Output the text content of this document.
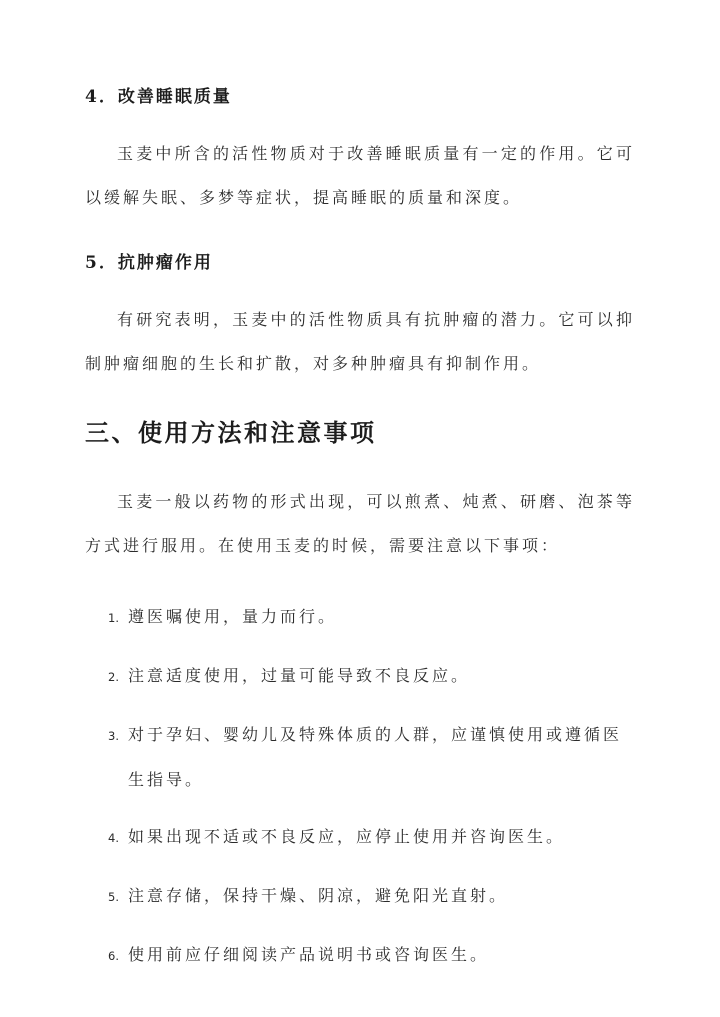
4．改善睡眠质量

玉麦中所含的活性物质对于改善睡眠质量有一定的作用。它可以缓解失眠、多梦等症状，提高睡眠的质量和深度。

5．抗肿瘤作用

有研究表明，玉麦中的活性物质具有抗肿瘤的潜力。它可以抑制肿瘤细胞的生长和扩散，对多种肿瘤具有抑制作用。

三、使用方法和注意事项

玉麦一般以药物的形式出现，可以煎煮、炖煮、研磨、泡茶等方式进行服用。在使用玉麦的时候，需要注意以下事项：

1. 遵医嘱使用，量力而行。
2. 注意适度使用，过量可能导致不良反应。
3. 对于孕妇、婴幼儿及特殊体质的人群，应谨慎使用或遵循医生指导。
4. 如果出现不适或不良反应，应停止使用并咨询医生。
5. 注意存储，保持干燥、阴凉，避免阳光直射。
6. 使用前应仔细阅读产品说明书或咨询医生。
